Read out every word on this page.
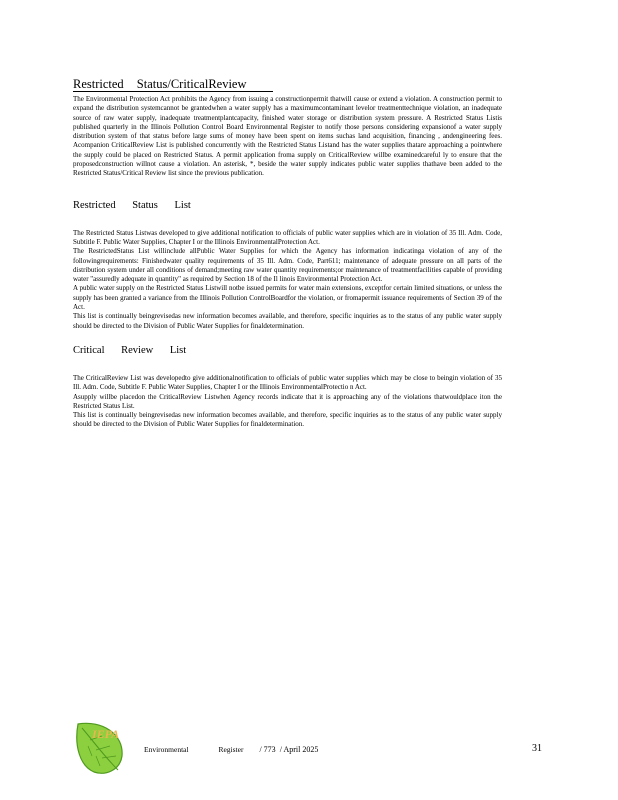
Restricted Status/CriticalReview

The Environmental Protection Act prohibits the Agency from issuing a constructionpermit thatwill cause or extend a violation. A construction permit to expand the distribution systemcannot be grantedwhen a water supply has a maximumcontaminant levelor treatmenttechnique violation, an inadequate source of raw water supply, inadequate treatmentplantcapacity, finished water storage or distribution system pressure. A Restricted Status Listis published quarterly in the Illinois Pollution Control Board Environmental Register to notify those persons considering expansionof a water supply distribution system of that status before large sums of money have been spent on items suchas land acquisition, financing , andengineering fees. Acompanion CriticalReview List is published concurrently with the Restricted Status Listand has the water supplies thatare approaching a pointwhere the supply could be placed on Restricted Status. A permit application froma supply on CriticalReview willbe examinedcareful ly to ensure that the proposedconstruction willnot cause a violation. An asterisk, *, beside the water supply indicates public water supplies thathave been added to the Restricted Status/Critical Review list since the previous publication.

Restricted Status List

The Restricted Status Listwas developed to give additional notification to officials of public water supplies which are in violation of 35 Ill. Adm. Code, Subtitle F. Public Water Supplies, Chapter I or the Illinois EnvironmentalProtection Act.

The RestrictedStatus List willinclude allPublic Water Supplies for which the Agency has information indicatinga violation of any of the followingrequirements: Finishedwater quality requirements of 35 Ill. Adm. Code, Part611; maintenance of adequate pressure on all parts of the distribution system under all conditions of demand;meeting raw water quantity requirements;or maintenance of treatmentfacilities capable of providing water "assuredly adequate in quantity" as required by Section 18 of the Il linois Environmental Protection Act.

A public water supply on the Restricted Status Listwill notbe issued permits for water main extensions, exceptfor certain limited situations, or unless the supply has been granted a variance from the Illinois Pollution ControlBoardfor the violation, or fromapermit issuance requirements of Section 39 of the Act.

This list is continually beingrevisedas new information becomes available, and therefore, specific inquiries as to the status of any public water supply should be directed to the Division of Public Water Supplies for finaldetermination.

Critical Review List

The CriticalReview List was developedto give additionalnotification to officials of public water supplies which may be close to beingin violation of 35 Ill. Adm. Code, Subtitle F. Public Water Supplies, Chapter I or the Illinois EnvironmentalProtectio n Act.

Asupply willbe placedon the CriticalReview Listwhen Agency records indicate that it is approaching any of the violations thatwouldplace iton the Restricted Status List.

This list is continually beingrevisedas new information becomes available, and therefore, specific inquiries as to the status of any public water supply should be directed to the Division of Public Water Supplies for finaldetermination.

IEPA
Environmental Register / 773 / April 2025	31
